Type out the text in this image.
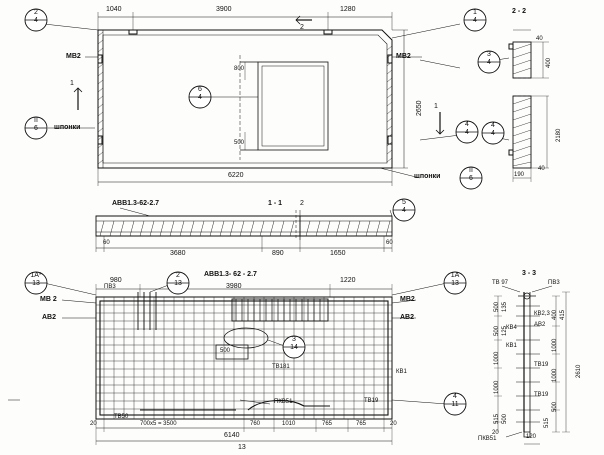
2
4
II
6
1
4
3
4
4
4
4
4
II
6
6
4
5
4
1040	3900	1280
МВ2	МВ2
шпонки
шпонки
6220
2650
800
500
1
2
1
1 - 1
АВВ1.3-62-2.7	2
60
3680	890	1650
60
2 - 2
40
400
2180
190
40
1А*
13
2
13
1А
13
3
14
4
11
АВВ1.3- 62 - 2.7
МВ 2
АВ2
ПВ3
МВ2
АВ2
980
3980
1220
500
ТВ181
ТВ50
ПКВ51	ТВ19
КВ1
20	700х5 = 3500	760	1010	765	765	20
6140
13
3 - 3
ТВ 97	ПВ3
КВ2,3
АВ2
КВ4
КВ1
ТВ19
ТВ19
ПКВ51
500 135
500 125
1000
1000
515 500
400 415
1000
1000
500
515
2610
120
20
